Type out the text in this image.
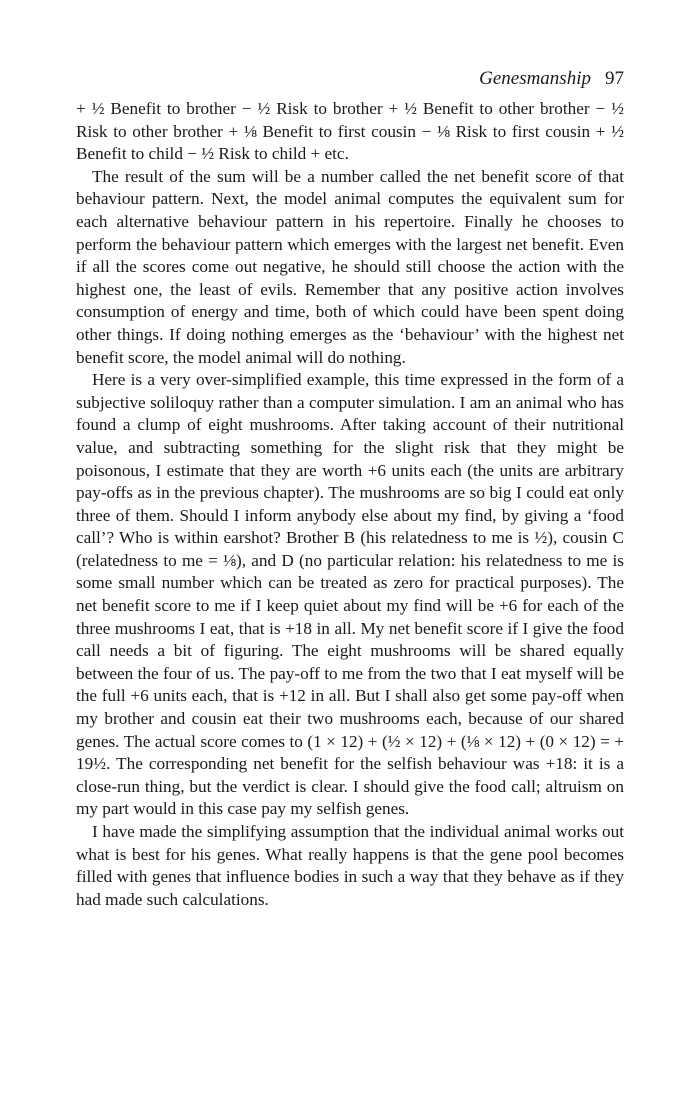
Genesmanship 97

+ ½ Benefit to brother − ½ Risk to brother + ½ Benefit to other brother − ½ Risk to other brother + ⅛ Benefit to first cousin − ⅛ Risk to first cousin + ½ Benefit to child − ½ Risk to child + etc.

The result of the sum will be a number called the net benefit score of that behaviour pattern. Next, the model animal computes the equivalent sum for each alternative behaviour pattern in his repertoire. Finally he chooses to perform the behaviour pattern which emerges with the largest net benefit. Even if all the scores come out negative, he should still choose the action with the highest one, the least of evils. Remember that any positive action involves consumption of energy and time, both of which could have been spent doing other things. If doing nothing emerges as the ‘behaviour’ with the highest net benefit score, the model animal will do nothing.

Here is a very over-simplified example, this time expressed in the form of a subjective soliloquy rather than a computer simulation. I am an animal who has found a clump of eight mushrooms. After taking account of their nutritional value, and subtracting something for the slight risk that they might be poisonous, I estimate that they are worth +6 units each (the units are arbitrary pay-offs as in the previous chapter). The mushrooms are so big I could eat only three of them. Should I inform anybody else about my find, by giving a ‘food call’? Who is within earshot? Brother B (his relatedness to me is ½), cousin C (relatedness to me = ⅛), and D (no particular relation: his relatedness to me is some small number which can be treated as zero for practical purposes). The net benefit score to me if I keep quiet about my find will be +6 for each of the three mushrooms I eat, that is +18 in all. My net benefit score if I give the food call needs a bit of figuring. The eight mushrooms will be shared equally between the four of us. The pay-off to me from the two that I eat myself will be the full +6 units each, that is +12 in all. But I shall also get some pay-off when my brother and cousin eat their two mushrooms each, because of our shared genes. The actual score comes to (1 × 12) + (½ × 12) + (⅛ × 12) + (0 × 12) = + 19½. The corresponding net benefit for the selfish behaviour was +18: it is a close-run thing, but the verdict is clear. I should give the food call; altruism on my part would in this case pay my selfish genes.

I have made the simplifying assumption that the individual animal works out what is best for his genes. What really happens is that the gene pool becomes filled with genes that influence bodies in such a way that they behave as if they had made such calculations.
